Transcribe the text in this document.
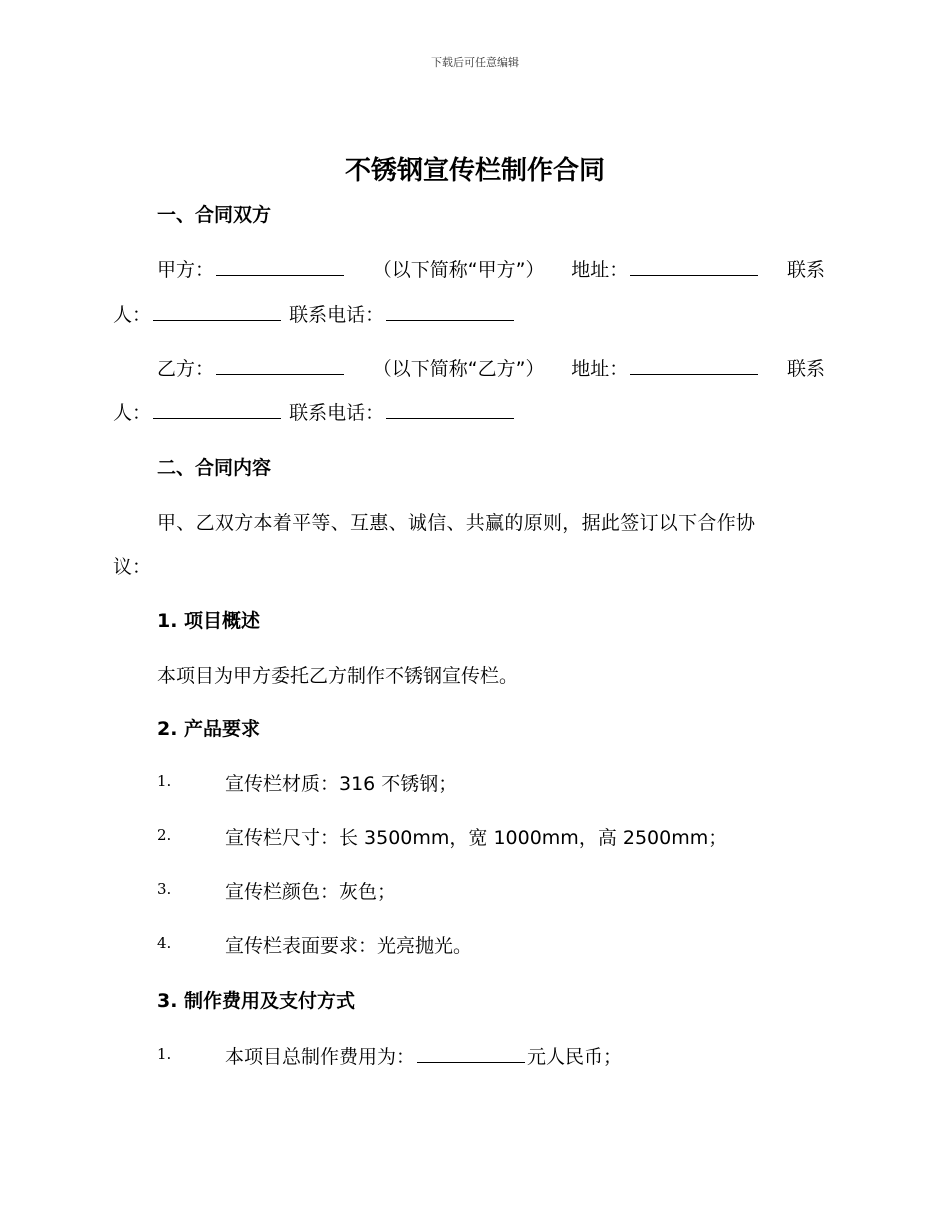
下载后可任意编辑
不锈钢宣传栏制作合同
一、合同双方
甲方：	（以下简称“甲方”） 地址：	联系
人：	联系电话：
乙方：	（以下简称“乙方”） 地址：	联系
人：	联系电话：
二、合同内容
甲、乙双方本着平等、互惠、诚信、共赢的原则，据此签订以下合作协
议：
1. 项目概述
本项目为甲方委托乙方制作不锈钢宣传栏。
2. 产品要求
1.	宣传栏材质：316 不锈钢；
2.	宣传栏尺寸：长 3500mm，宽 1000mm，高 2500mm；
3.	宣传栏颜色：灰色；
4.	宣传栏表面要求：光亮抛光。
3. 制作费用及支付方式
1.	本项目总制作费用为：	元人民币；
